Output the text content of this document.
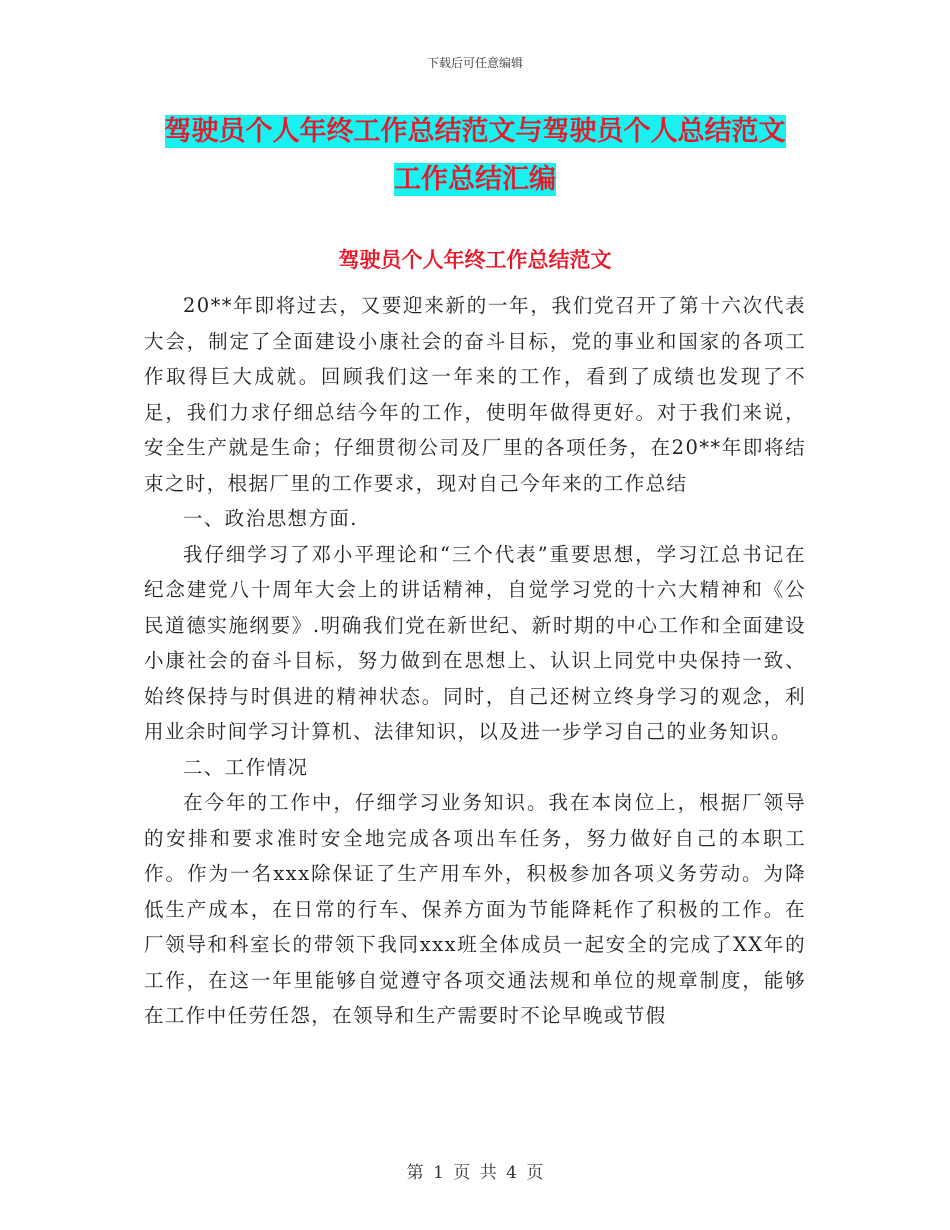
下载后可任意编辑
驾驶员个人年终工作总结范文与驾驶员个人总结范文
工作总结汇编
驾驶员个人年终工作总结范文

20**年即将过去，又要迎来新的一年，我们党召开了第十六次代表大会，制定了全面建设小康社会的奋斗目标，党的事业和国家的各项工作取得巨大成就。回顾我们这一年来的工作，看到了成绩也发现了不足，我们力求仔细总结今年的工作，使明年做得更好。对于我们来说，安全生产就是生命；仔细贯彻公司及厂里的各项任务，在20**年即将结束之时，根据厂里的工作要求，现对自己今年来的工作总结

一、政治思想方面.

我仔细学习了邓小平理论和“三个代表”重要思想，学习江总书记在纪念建党八十周年大会上的讲话精神，自觉学习党的十六大精神和《公民道德实施纲要》.明确我们党在新世纪、新时期的中心工作和全面建设小康社会的奋斗目标，努力做到在思想上、认识上同党中央保持一致、始终保持与时俱进的精神状态。同时，自己还树立终身学习的观念，利用业余时间学习计算机、法律知识，以及进一步学习自己的业务知识。

二、工作情况

在今年的工作中，仔细学习业务知识。我在本岗位上，根据厂领导的安排和要求准时安全地完成各项出车任务，努力做好自己的本职工作。作为一名xxx除保证了生产用车外，积极参加各项义务劳动。为降低生产成本，在日常的行车、保养方面为节能降耗作了积极的工作。在厂领导和科室长的带领下我同xxx班全体成员一起安全的完成了XX年的工作，在这一年里能够自觉遵守各项交通法规和单位的规章制度，能够在工作中任劳任怨，在领导和生产需要时不论早晚或节假

第 1 页 共 4 页
